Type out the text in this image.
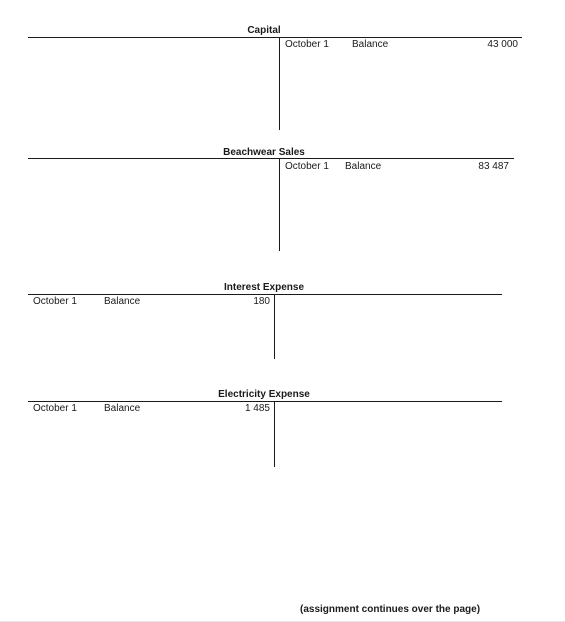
Capital
October 1 Balance	43 000
Beachwear Sales
October 1 Balance	83 487
Interest Expense
October 1	Balance	180
Electricity Expense
October 1	Balance	1 485
(assignment continues over the page)
